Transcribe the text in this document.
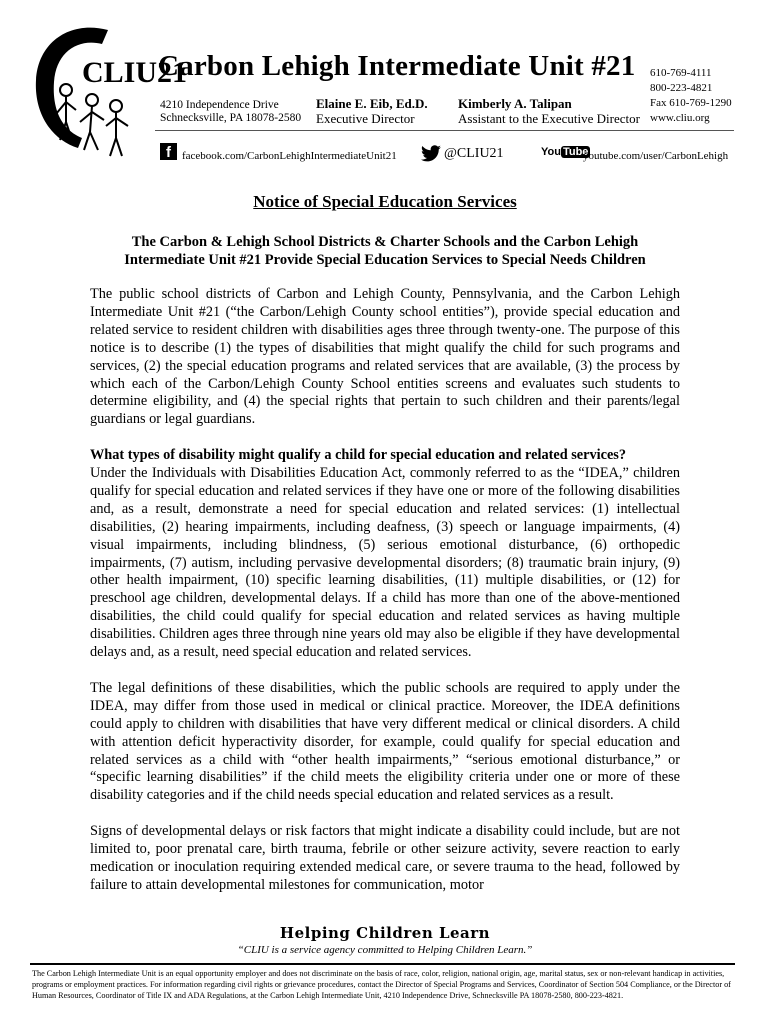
CLIU21
Carbon Lehigh Intermediate Unit #21
4210 Independence Drive
Schnecksville, PA 18078-2580
Elaine E. Eib, Ed.D.
Executive Director
Kimberly A. Talipan
Assistant to the Executive Director
610-769-4111
800-223-4821
Fax 610-769-1290
www.cliu.org
f	facebook.com/CarbonLehighIntermediateUnit21	@CLIU21	You Tube
youtube.com/user/CarbonLehigh
Notice of Special Education Services
The Carbon & Lehigh School Districts & Charter Schools and the Carbon Lehigh Intermediate Unit #21 Provide Special Education Services to Special Needs Children

The public school districts of Carbon and Lehigh County, Pennsylvania, and the Carbon Lehigh Intermediate Unit #21 (“the Carbon/Lehigh County school entities”), provide special education and related service to resident children with disabilities ages three through twenty-one. The purpose of this notice is to describe (1) the types of disabilities that might qualify the child for such programs and services, (2) the special education programs and related services that are available, (3) the process by which each of the Carbon/Lehigh County School entities screens and evaluates such students to determine eligibility, and (4) the special rights that pertain to such children and their parents/legal guardians or legal guardians.

What types of disability might qualify a child for special education and related services?

Under the Individuals with Disabilities Education Act, commonly referred to as the “IDEA,” children qualify for special education and related services if they have one or more of the following disabilities and, as a result, demonstrate a need for special education and related services: (1) intellectual disabilities, (2) hearing impairments, including deafness, (3) speech or language impairments, (4) visual impairments, including blindness, (5) serious emotional disturbance, (6) orthopedic impairments, (7) autism, including pervasive developmental disorders; (8) traumatic brain injury, (9) other health impairment, (10) specific learning disabilities, (11) multiple disabilities, or (12) for preschool age children, developmental delays. If a child has more than one of the above-mentioned disabilities, the child could qualify for special education and related services as having multiple disabilities. Children ages three through nine years old may also be eligible if they have developmental delays and, as a result, need special education and related services.

The legal definitions of these disabilities, which the public schools are required to apply under the IDEA, may differ from those used in medical or clinical practice. Moreover, the IDEA definitions could apply to children with disabilities that have very different medical or clinical disorders. A child with attention deficit hyperactivity disorder, for example, could qualify for special education and related services as a child with “other health impairments,” “serious emotional disturbance,” or “specific learning disabilities” if the child meets the eligibility criteria under one or more of these disability categories and if the child needs special education and related services as a result.

Signs of developmental delays or risk factors that might indicate a disability could include, but are not limited to, poor prenatal care, birth trauma, febrile or other seizure activity, severe reaction to early medication or inoculation requiring extended medical care, or severe trauma to the head, followed by failure to attain developmental milestones for communication, motor

Helping Children Learn
“CLIU is a service agency committed to Helping Children Learn.”
The Carbon Lehigh Intermediate Unit is an equal opportunity employer and does not discriminate on the basis of race, color, religion, national origin, age, marital status, sex or non-relevant handicap in activities, programs or employment practices. For information regarding civil rights or grievance procedures, contact the Director of Special Programs and Services, Coordinator of Section 504 Compliance, or the Director of Human Resources, Coordinator of Title IX and ADA Regulations, at the Carbon Lehigh Intermediate Unit, 4210 Independence Drive, Schnecksville PA 18078-2580, 800-223-4821.
